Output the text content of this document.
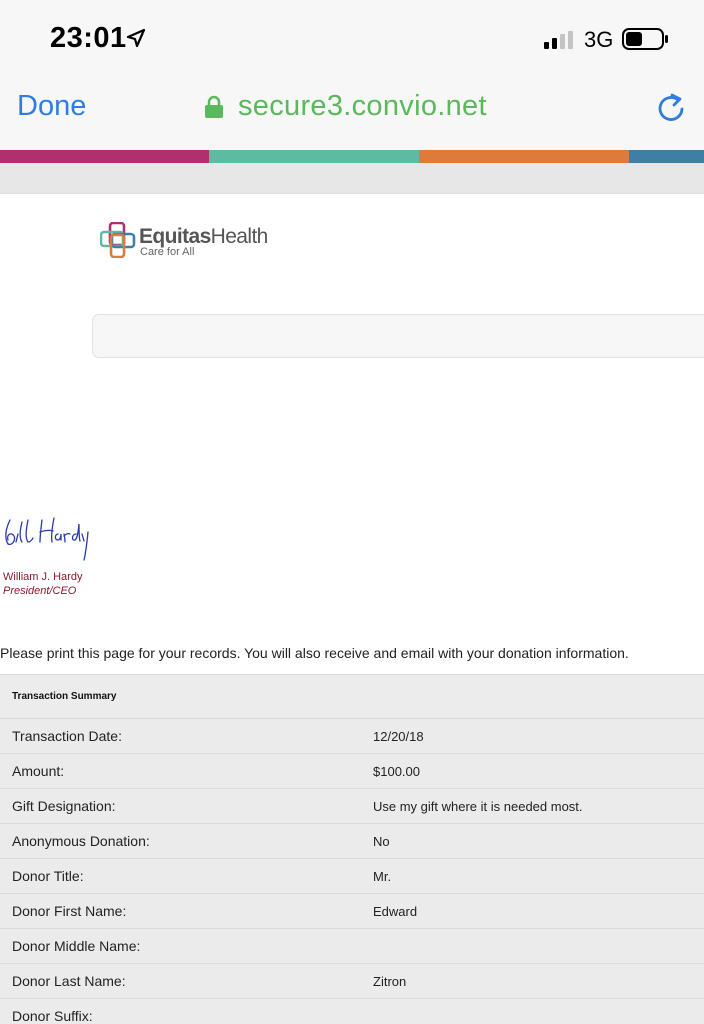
23:01	3G
Done	secure3.convio.net
EquitasHealth
Care for All

William J. Hardy
President/CEO

Please print this page for your records. You will also receive and email with your donation information.

Transaction Summary
Transaction Date:	12/20/18
Amount:	$100.00
Gift Designation:	Use my gift where it is needed most.
Anonymous Donation:	No
Donor Title:	Mr.
Donor First Name:	Edward
Donor Middle Name:
Donor Last Name:	Zitron
Donor Suffix:
